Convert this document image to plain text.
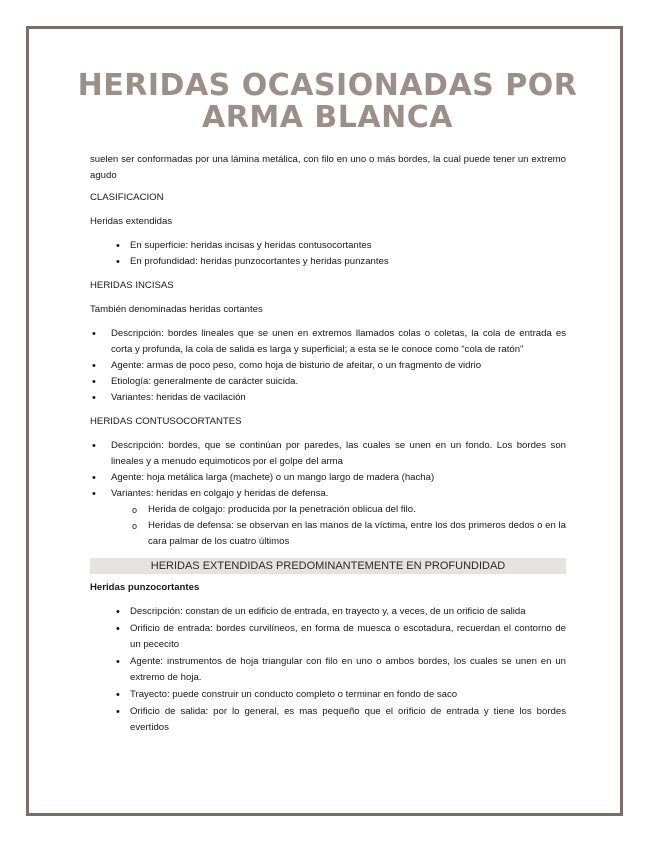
HERIDAS OCASIONADAS POR
ARMA BLANCA

suelen ser conformadas por una lámina metálica, con filo en uno o más bordes, la cual puede tener un extremo agudo

CLASIFICACION

Heridas extendidas

• En superficie: heridas incisas y heridas contusocortantes
• En profundidad: heridas punzocortantes y heridas punzantes

HERIDAS INCISAS

También denominadas heridas cortantes

• Descripción: bordes lineales que se unen en extremos llamados colas o coletas, la cola de entrada es corta y profunda, la cola de salida es larga y superficial; a esta se le conoce como “cola de ratón”
• Agente: armas de poco peso, como hoja de bisturio de afeitar, o un fragmento de vidrio
• Etiología: generalmente de carácter suicida.
• Variantes: heridas de vacilación

HERIDAS CONTUSOCORTANTES

• Descripción: bordes, que se continúan por paredes, las cuales se unen en un fondo. Los bordes son lineales y a menudo equimoticos por el golpe del arma
• Agente: hoja metálica larga (machete) o un mango largo de madera (hacha)
• Variantes: heridas en colgajo y heridas de defensa.
o Herida de colgajo: producida por la penetración oblicua del filo.
o Heridas de defensa: se observan en las manos de la víctima, entre los dos primeros dedos o en la cara palmar de los cuatro últimos
HERIDAS EXTENDIDAS PREDOMINANTEMENTE EN PROFUNDIDAD

Heridas punzocortantes

• Descripción: constan de un edificio de entrada, en trayecto y, a veces, de un orificio de salida
• Orificio de entrada: bordes curvilíneos, en forma de muesca o escotadura, recuerdan el contorno de un pececito
• Agente: instrumentos de hoja triangular con filo en uno o ambos bordes, los cuales se unen en un extremo de hoja.
• Trayecto: puede construir un conducto completo o terminar en fondo de saco
• Orificio de salida: por lo general, es mas pequeño que el orificio de entrada y tiene los bordes evertidos
